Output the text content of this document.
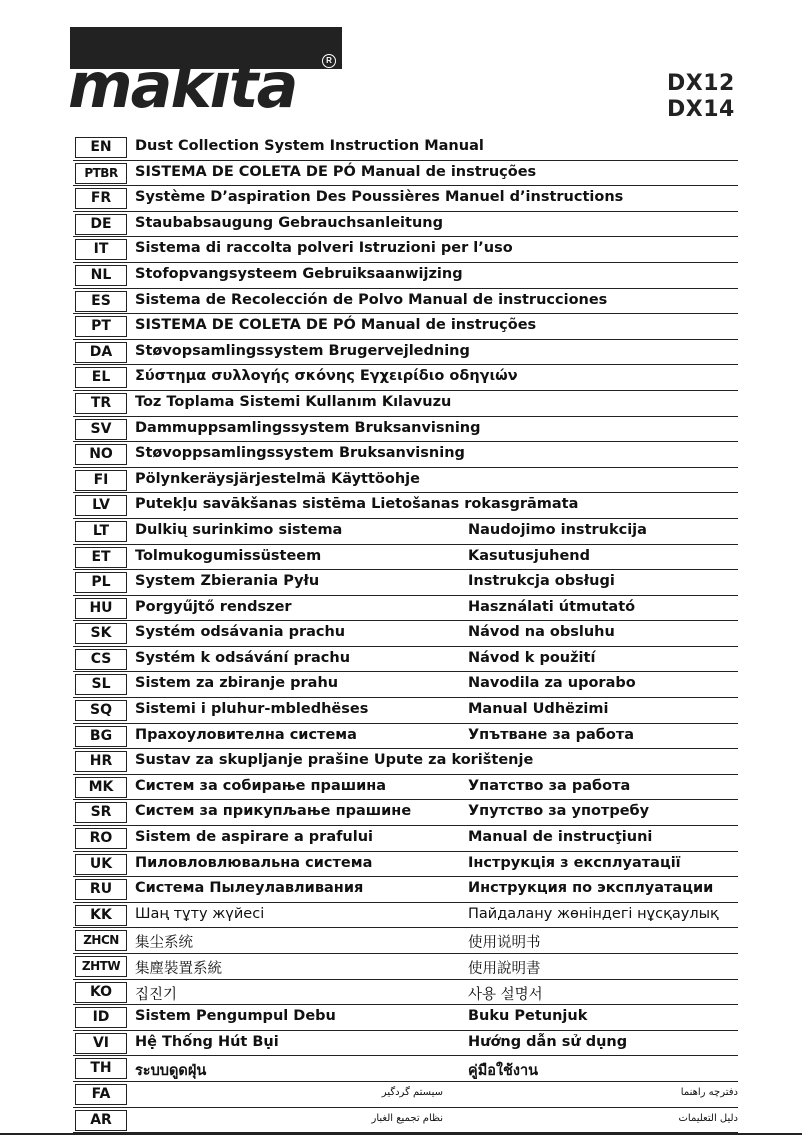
makita	R
DX12
DX14
EN	Dust Collection System Instruction Manual
PTBR	SISTEMA DE COLETA DE PÓ Manual de instruções
FR	Système D’aspiration Des Poussières Manuel d’instructions
DE	Staubabsaugung Gebrauchsanleitung
IT	Sistema di raccolta polveri Istruzioni per l’uso
NL	Stofopvangsysteem Gebruiksaanwijzing
ES	Sistema de Recolección de Polvo Manual de instrucciones
PT	SISTEMA DE COLETA DE PÓ Manual de instruções
DA	Støvopsamlingssystem Brugervejledning
EL	Σύστημα συλλογής σκόνης Εγχειρίδιο οδηγιών
TR	Toz Toplama Sistemi Kullanım Kılavuzu
SV	Dammuppsamlingssystem Bruksanvisning
NO	Støvoppsamlingssystem Bruksanvisning
FI	Pölynkeräysjärjestelmä Käyttöohje
LV	Putekļu savākšanas sistēma Lietošanas rokasgrāmata
LT	Dulkių surinkimo sistema	Naudojimo instrukcija
ET	Tolmukogumissüsteem	Kasutusjuhend
PL	System Zbierania Pyłu	Instrukcja obsługi
HU	Porgyűjtő rendszer	Használati útmutató
SK	Systém odsávania prachu	Návod na obsluhu
CS	Systém k odsávání prachu	Návod k použití
SL	Sistem za zbiranje prahu	Navodila za uporabo
SQ	Sistemi i pluhur-mbledhëses	Manual Udhëzimi
BG	Прахоуловителна система	Упътване за работа
HR	Sustav za skupljanje prašine Upute za korištenje
MK	Систем за собирање прашина	Упатство за работа
SR	Систем за прикупљање прашине	Упутство за употребу
RO	Sistem de aspirare a prafului	Manual de instrucţiuni
UK	Пиловловлювальна система	Інструкція з експлуатації
RU	Система Пылеулавливания	Инструкция по эксплуатации
KK	Шаң тұту жүйесі	Пайдалану жөніндегі нұсқаулық
ZHCN	集尘系统	使用说明书
ZHTW	集塵裝置系統	使用說明書
KO	집진기	사용 설명서
ID	Sistem Pengumpul Debu	Buku Petunjuk
VI	Hệ Thống Hút Bụi	Hướng dẫn sử dụng
TH	ระบบดูดฝุ่น	คู่มือใช้งาน
FA	سیستم گردگیر	دفترچه راهنما
AR	نظام تجميع الغبار	دليل التعليمات
